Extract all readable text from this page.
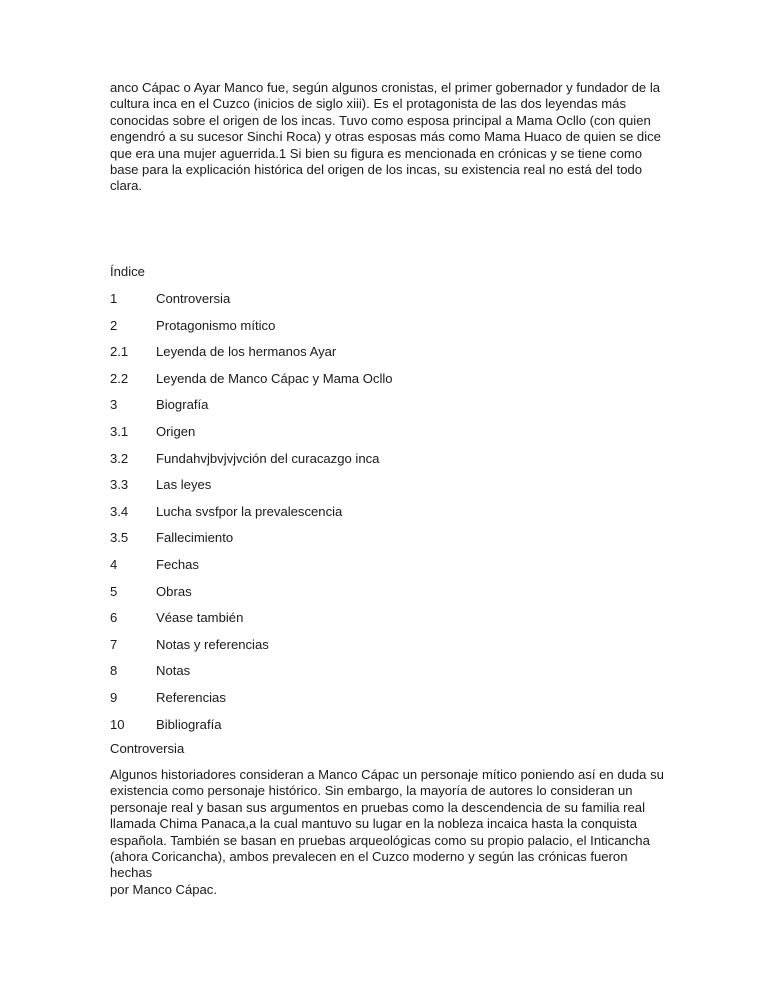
anco Cápac o Ayar Manco fue, según algunos cronistas, el primer gobernador y fundador de la

cultura inca en el Cuzco (inicios de siglo xiii). Es el protagonista de las dos leyendas más

conocidas sobre el origen de los incas. Tuvo como esposa principal a Mama Ocllo (con quien

engendró a su sucesor Sinchi Roca) y otras esposas más como Mama Huaco de quien se dice

que era una mujer aguerrida.1 Si bien su figura es mencionada en crónicas y se tiene como

base para la explicación histórica del origen de los incas, su existencia real no está del todo

clara.

Índice

1	Controversia
2	Protagonismo mítico
2.1	Leyenda de los hermanos Ayar
2.2	Leyenda de Manco Cápac y Mama Ocllo
3	Biografía
3.1	Origen
3.2	Fundahvjbvjvjvción del curacazgo inca
3.3	Las leyes
3.4	Lucha svsfpor la prevalescencia
3.5	Fallecimiento
4	Fechas
5	Obras
6	Véase también
7	Notas y referencias
8	Notas
9	Referencias
10	Bibliografía
Controversia

Algunos historiadores consideran a Manco Cápac un personaje mítico poniendo así en duda su

existencia como personaje histórico. Sin embargo, la mayoría de autores lo consideran un

personaje real y basan sus argumentos en pruebas como la descendencia de su familia real

llamada Chima Panaca,a la cual mantuvo su lugar en la nobleza incaica hasta la conquista

española. También se basan en pruebas arqueológicas como su propio palacio, el Inticancha

(ahora Coricancha), ambos prevalecen en el Cuzco moderno y según las crónicas fueron hechas

por Manco Cápac.
